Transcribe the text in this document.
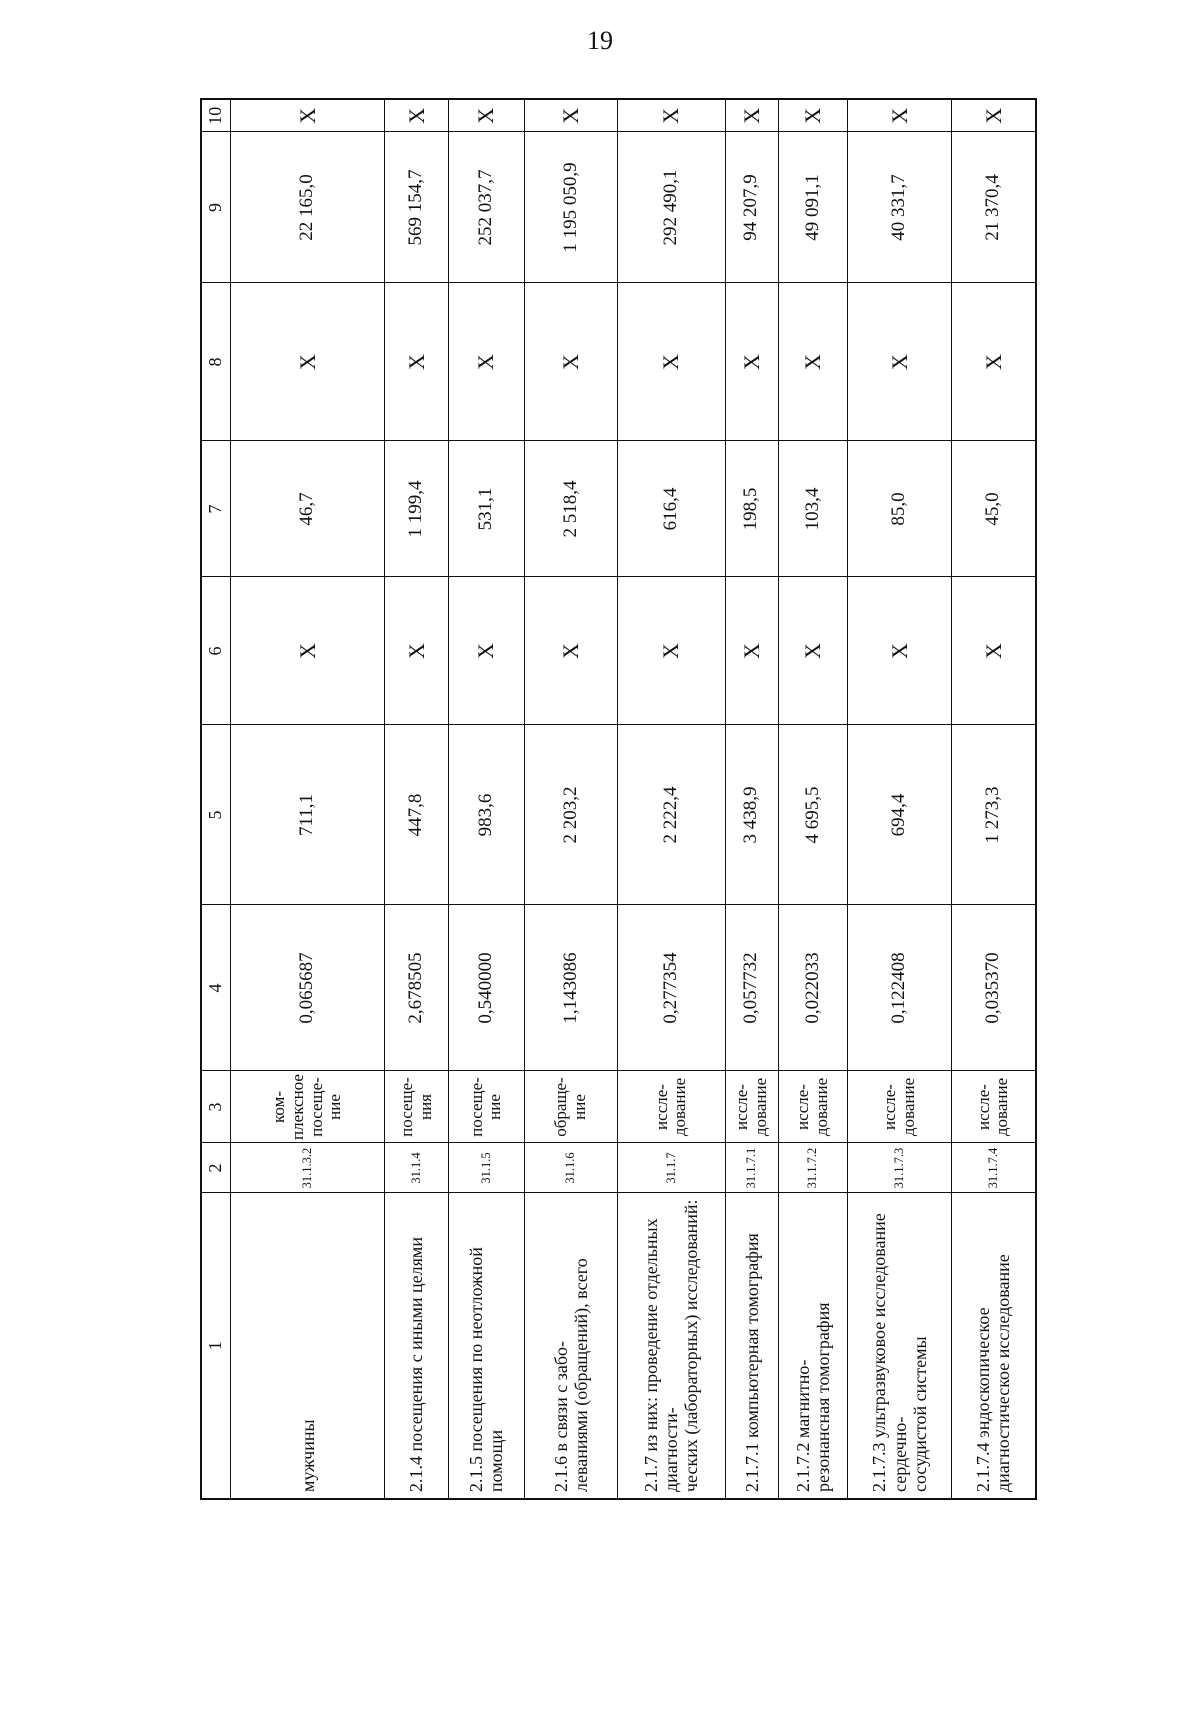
19
1	2	3	4	5	6	7	8	9	10
мужчины	31.1.3.2	ком-
плексное
посеще-
ние	0,065687	711,1	X	46,7	X	22 165,0	X
2.1.4 посещения с иными целями	31.1.4	посеще-
ния	2,678505	447,8	X	1 199,4	X	569 154,7	X
2.1.5 посещения по неотложной помощи	31.1.5	посеще-
ние	0,540000	983,6	X	531,1	X	252 037,7	X
2.1.6 в связи с забо-
леваниями (обращений), всего	31.1.6	обраще-
ние	1,143086	2 203,2	X	2 518,4	X	1 195 050,9	X
2.1.7 из них: проведение отдельных диагности-
ческих (лабораторных) исследований:	31.1.7	иссле-
дование	0,277354	2 222,4	X	616,4	X	292 490,1	X
2.1.7.1 компьютерная томография	31.1.7.1	иссле-
дование	0,057732	3 438,9	X	198,5	X	94 207,9	X
2.1.7.2 магнитно-
резонансная томография	31.1.7.2	иссле-
дование	0,022033	4 695,5	X	103,4	X	49 091,1	X
2.1.7.3 ультразвуковое исследование сердечно-
сосудистой системы	31.1.7.3	иссле-
дование	0,122408	694,4	X	85,0	X	40 331,7	X
2.1.7.4 эндоскопическое диагностическое исследование	31.1.7.4	иссле-
дование	0,035370	1 273,3	X	45,0	X	21 370,4	X
